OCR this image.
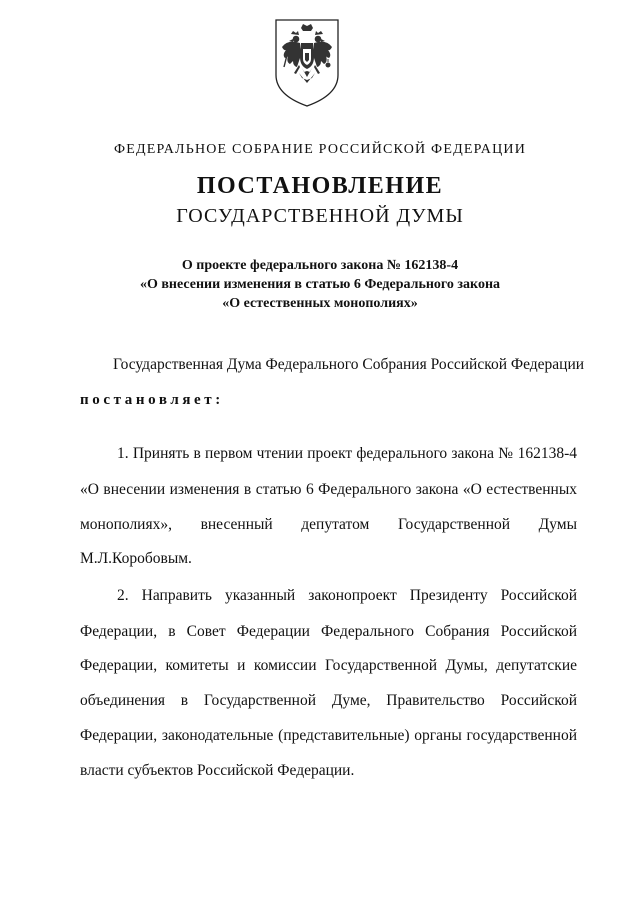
ФЕДЕРАЛЬНОЕ СОБРАНИЕ РОССИЙСКОЙ ФЕДЕРАЦИИ
ПОСТАНОВЛЕНИЕ
ГОСУДАРСТВЕННОЙ ДУМЫ
О проекте федерального закона № 162138-4
«О внесении изменения в статью 6 Федерального закона
«О естественных монополиях»
Государственная Дума Федерального Собрания Российской Федерации
постановляет:
1. Принять в первом чтении проект федерального закона № 162138-4
«О внесении изменения в статью 6 Федерального закона «О естественных
монополиях», внесенный депутатом Государственной Думы
М.Л.Коробовым.
2. Направить указанный законопроект Президенту Российской
Федерации, в Совет Федерации Федерального Собрания Российской
Федерации, комитеты и комиссии Государственной Думы, депутатские
объединения в Государственной Думе, Правительство Российской
Федерации, законодательные (представительные) органы государственной
власти субъектов Российской Федерации.
